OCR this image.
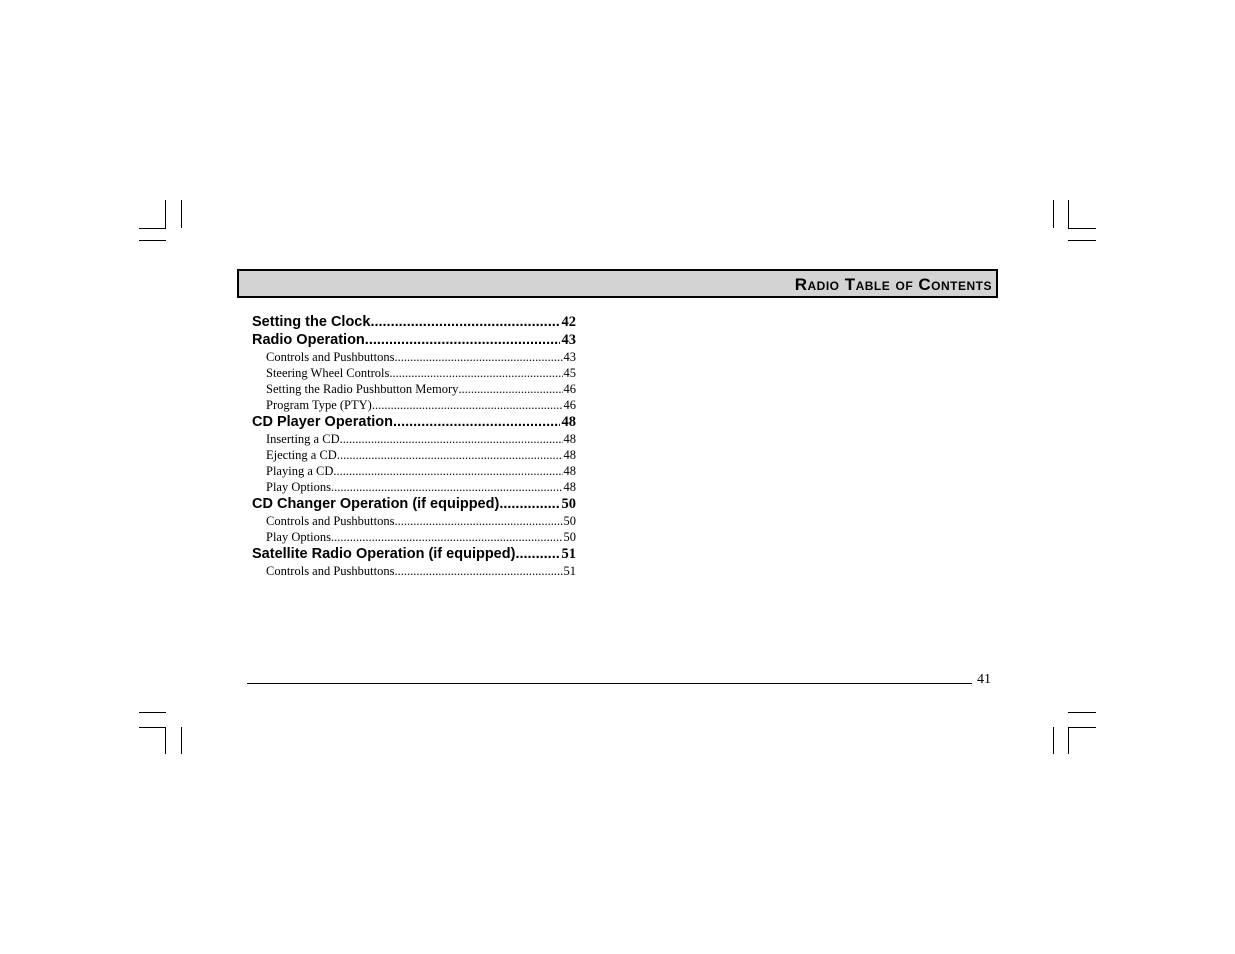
Radio Table of Contents
Setting the Clock .....	42
Radio Operation .....	43
Controls and Pushbuttons .....	43
Steering Wheel Controls .....	45
Setting the Radio Pushbutton Memory .....	46
Program Type (PTY) .....	46
CD Player Operation .....	48
Inserting a CD .....	48
Ejecting a CD .....	48
Playing a CD .....	48
Play Options .....	48
CD Changer Operation (if equipped) .....	50
Controls and Pushbuttons .....	50
Play Options .....	50
Satellite Radio Operation (if equipped) .....	51
Controls and Pushbuttons .....	51
41
